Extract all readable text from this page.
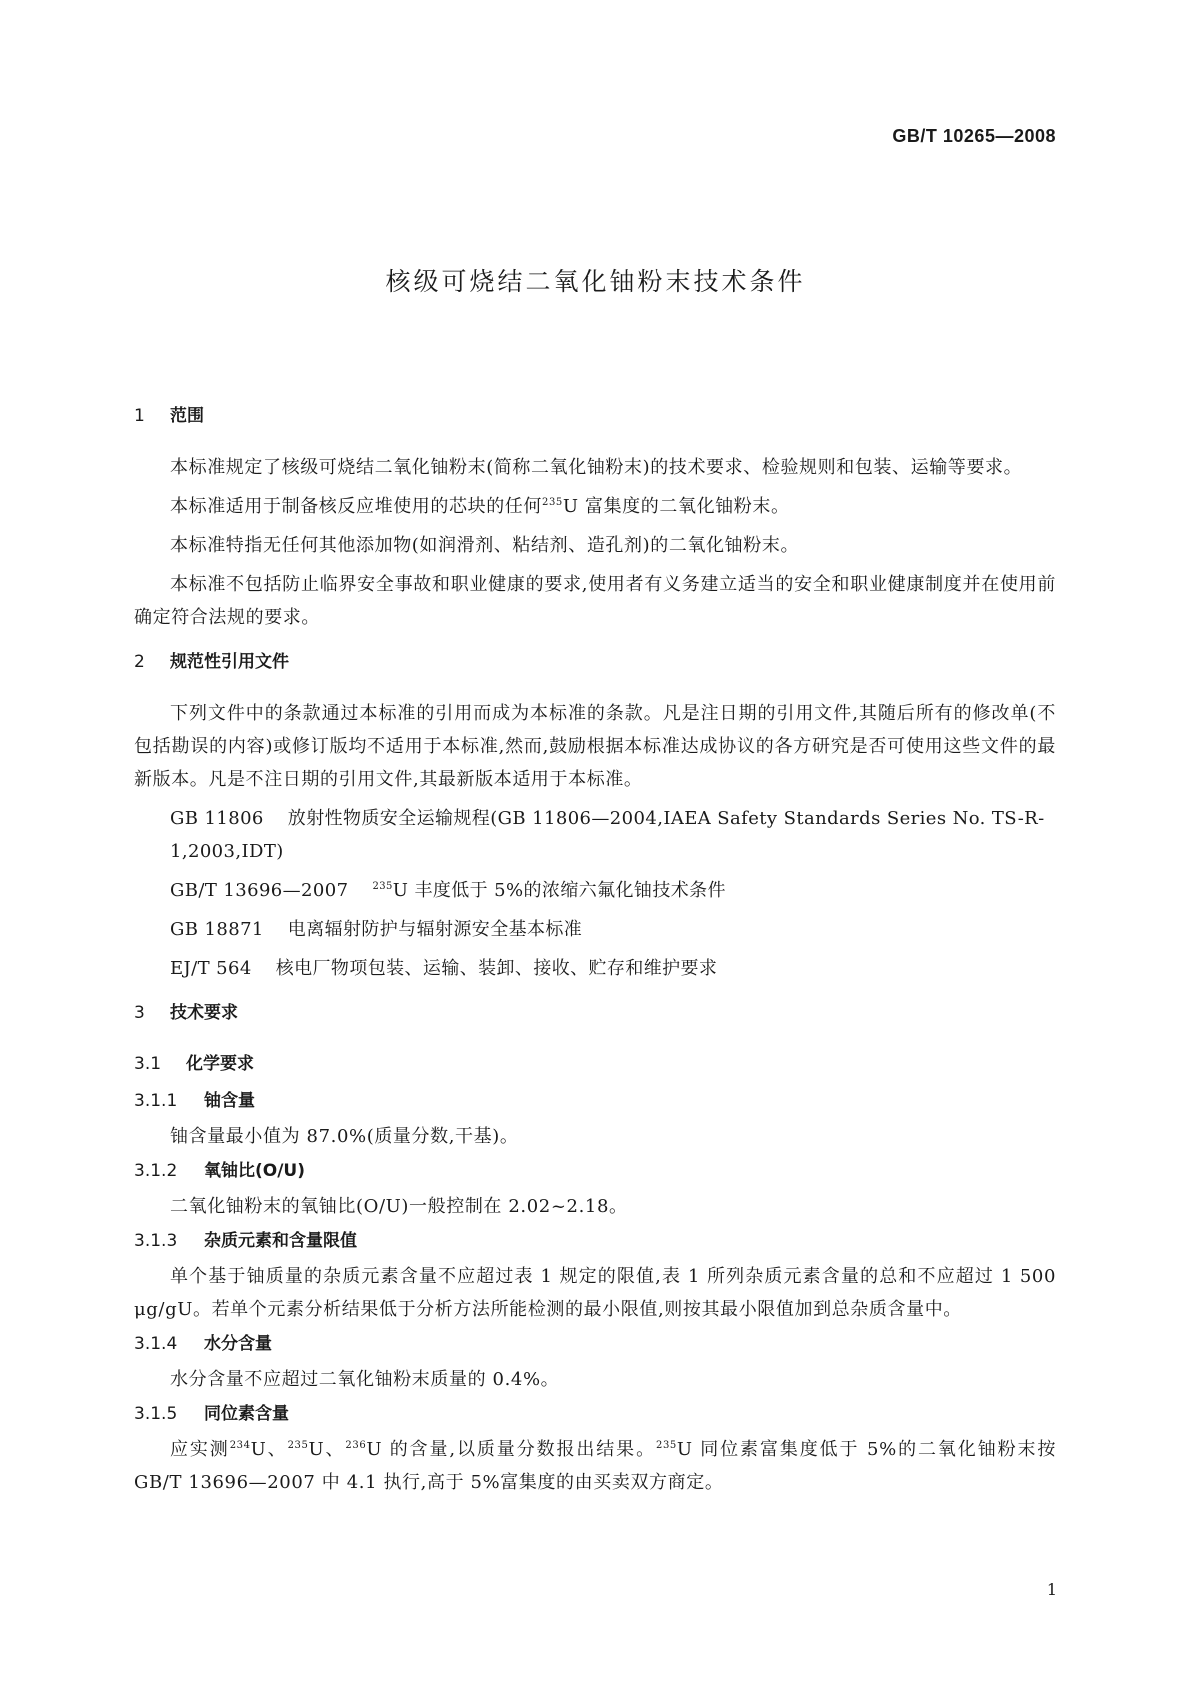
GB/T 10265—2008
核级可烧结二氧化铀粉末技术条件

1 范围

本标准规定了核级可烧结二氧化铀粉末(简称二氧化铀粉末)的技术要求、检验规则和包装、运输等要求。

本标准适用于制备核反应堆使用的芯块的任何$^{235}$U 富集度的二氧化铀粉末。

本标准特指无任何其他添加物(如润滑剂、粘结剂、造孔剂)的二氧化铀粉末。

本标准不包括防止临界安全事故和职业健康的要求,使用者有义务建立适当的安全和职业健康制度并在使用前确定符合法规的要求。

2 规范性引用文件

下列文件中的条款通过本标准的引用而成为本标准的条款。凡是注日期的引用文件,其随后所有的修改单(不包括勘误的内容)或修订版均不适用于本标准,然而,鼓励根据本标准达成协议的各方研究是否可使用这些文件的最新版本。凡是不注日期的引用文件,其最新版本适用于本标准。

GB 11806 放射性物质安全运输规程(GB 11806—2004,IAEA Safety Standards Series No. TS-R-1,2003,IDT)

GB/T 13696—2007 $^{235}$U 丰度低于 5%的浓缩六氟化铀技术条件

GB 18871 电离辐射防护与辐射源安全基本标准

EJ/T 564 核电厂物项包装、运输、装卸、接收、贮存和维护要求

3 技术要求

3.1 化学要求

3.1.1 铀含量

铀含量最小值为 87.0%(质量分数,干基)。

3.1.2 氧铀比(O/U)

二氧化铀粉末的氧铀比(O/U)一般控制在 2.02~2.18。

3.1.3 杂质元素和含量限值

单个基于铀质量的杂质元素含量不应超过表 1 规定的限值,表 1 所列杂质元素含量的总和不应超过 1 500 μg/gU。若单个元素分析结果低于分析方法所能检测的最小限值,则按其最小限值加到总杂质含量中。

3.1.4 水分含量

水分含量不应超过二氧化铀粉末质量的 0.4%。

3.1.5 同位素含量

应实测$^{234}$U、$^{235}$U、$^{236}$U 的含量,以质量分数报出结果。$^{235}$U 同位素富集度低于 5%的二氧化铀粉末按 GB/T 13696—2007 中 4.1 执行,高于 5%富集度的由买卖双方商定。

1
